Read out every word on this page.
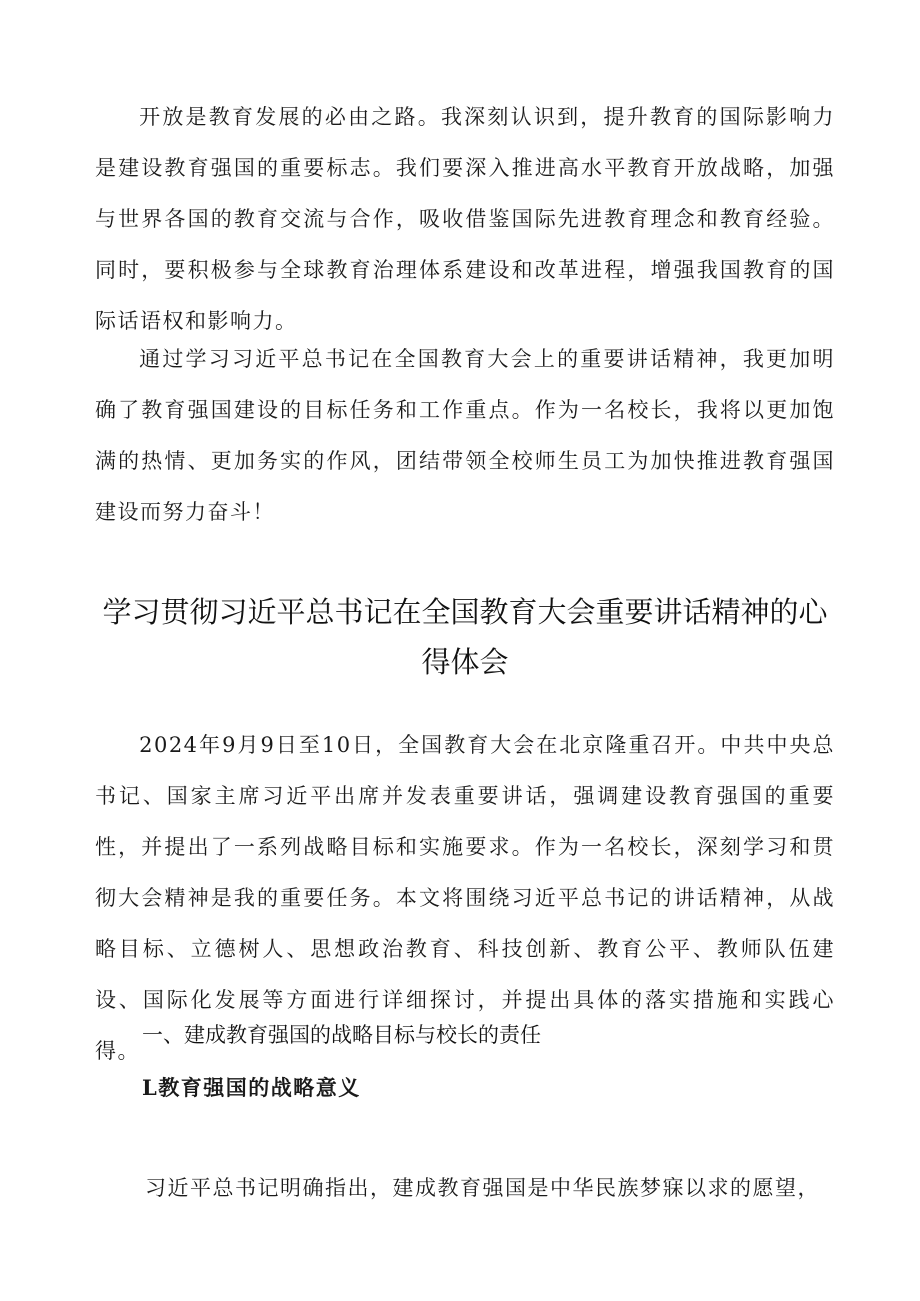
开放是教育发展的必由之路。我深刻认识到，提升教育的国际影响力是建设教育强国的重要标志。我们要深入推进高水平教育开放战略，加强与世界各国的教育交流与合作，吸收借鉴国际先进教育理念和教育经验。同时，要积极参与全球教育治理体系建设和改革进程，增强我国教育的国际话语权和影响力。

通过学习习近平总书记在全国教育大会上的重要讲话精神，我更加明确了教育强国建设的目标任务和工作重点。作为一名校长，我将以更加饱满的热情、更加务实的作风，团结带领全校师生员工为加快推进教育强国建设而努力奋斗！

学习贯彻习近平总书记在全国教育大会重要讲话精神的心得体会

2024年9月9日至10日，全国教育大会在北京隆重召开。中共中央总书记、国家主席习近平出席并发表重要讲话，强调建设教育强国的重要性，并提出了一系列战略目标和实施要求。作为一名校长，深刻学习和贯彻大会精神是我的重要任务。本文将围绕习近平总书记的讲话精神，从战略目标、立德树人、思想政治教育、科技创新、教育公平、教师队伍建设、国际化发展等方面进行详细探讨，并提出具体的落实措施和实践心得。

一、建成教育强国的战略目标与校长的责任
L教育强国的战略意义

习近平总书记明确指出，建成教育强国是中华民族梦寐以求的愿望，
